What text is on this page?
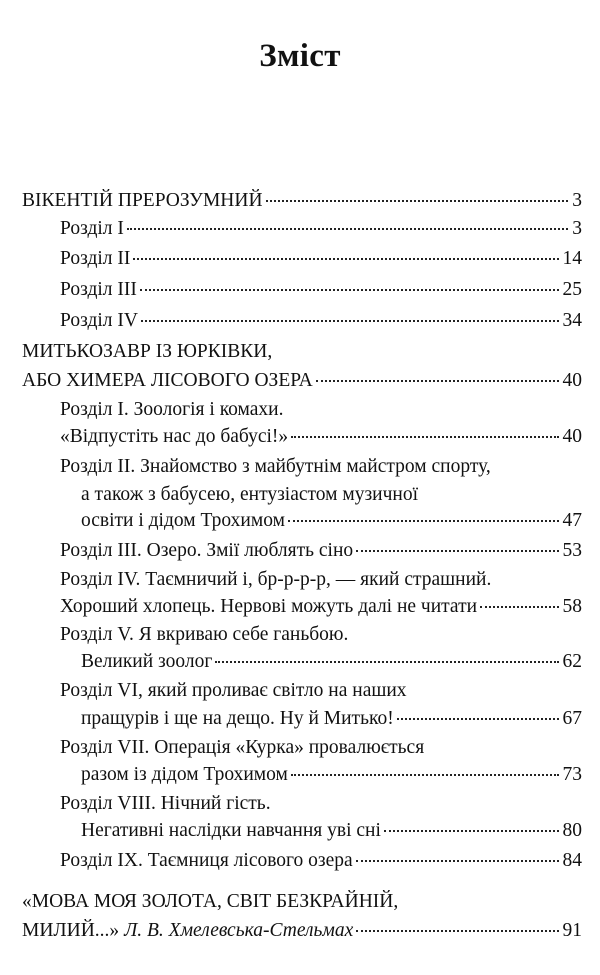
Зміст
ВІКЕНТІЙ ПРЕРОЗУМНИЙ	3
Розділ І	3
Розділ ІІ	14
Розділ ІІІ	25
Розділ IV	34
МИТЬКОЗАВР ІЗ ЮРКІВКИ,
АБО ХИМЕРА ЛІСОВОГО ОЗЕРА	40
Розділ І. Зоологія і комахи.
«Відпустіть нас до бабусі!»	40
Розділ ІІ. Знайомство з майбутнім майстром спорту,
а також з бабусею, ентузіастом музичної
освіти і дідом Трохимом	47
Розділ ІІІ. Озеро. Змії люблять сіно	53
Розділ IV. Таємничий і, бр-р-р-р, — який страшний.
Хороший хлопець. Нервові можуть далі не читати	58
Розділ V. Я вкриваю себе ганьбою.
Великий зоолог	62
Розділ VI, який проливає світло на наших
пращурів і ще на дещо. Ну й Митько!	67
Розділ VII. Операція «Курка» провалюється
разом із дідом Трохимом	73
Розділ VIII. Нічний гість.
Негативні наслідки навчання уві сні	80
Розділ IX. Таємниця лісового озера	84
«МОВА МОЯ ЗОЛОТА, СВІТ БЕЗКРАЙНІЙ,
МИЛИЙ...» Л. В. Хмелевська-Стельмах	91
